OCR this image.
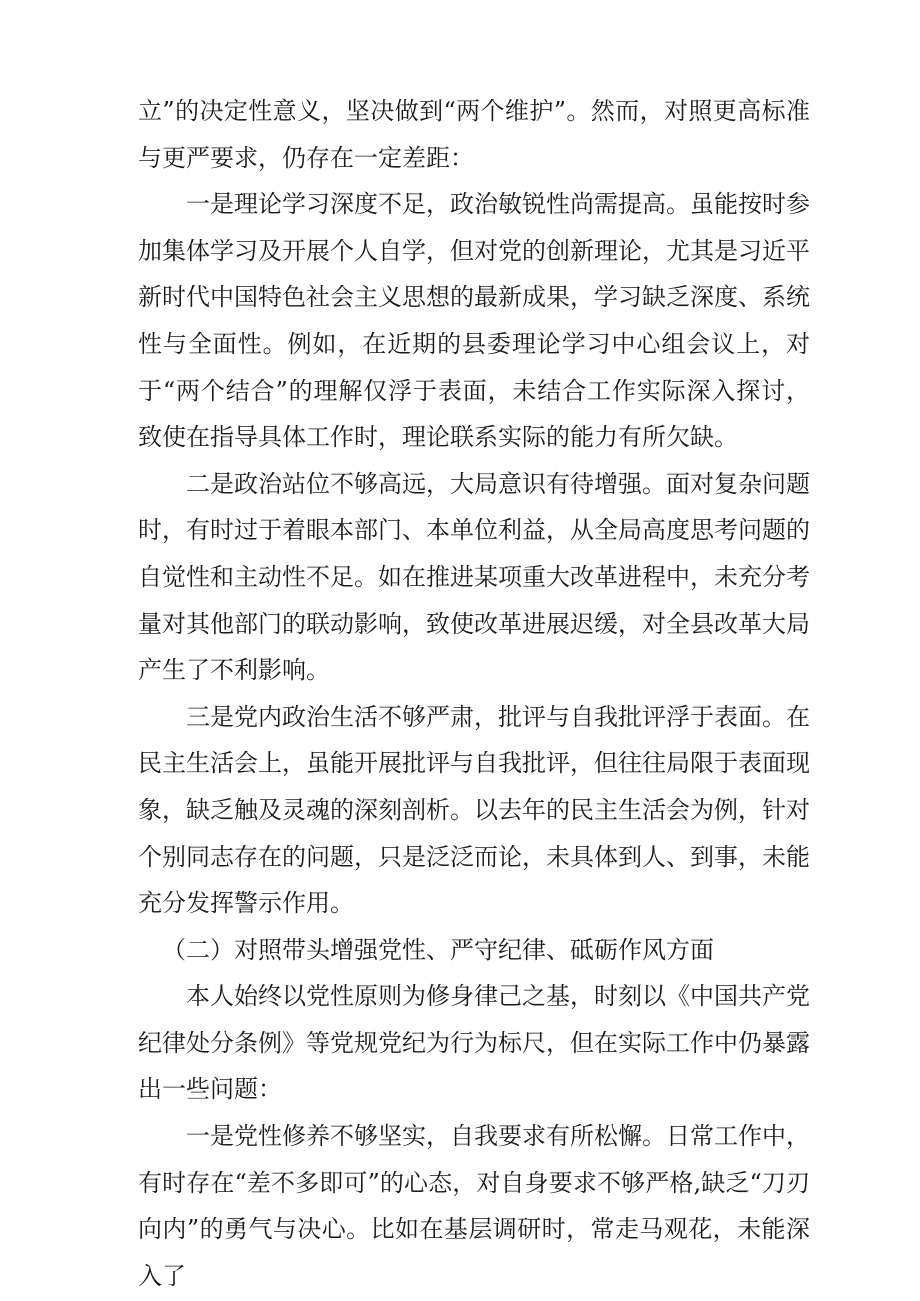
立”的决定性意义，坚决做到“两个维护”。然而，对照更高标准与更严要求，仍存在一定差距：

一是理论学习深度不足，政治敏锐性尚需提高。虽能按时参加集体学习及开展个人自学，但对党的创新理论，尤其是习近平新时代中国特色社会主义思想的最新成果，学习缺乏深度、系统性与全面性。例如，在近期的县委理论学习中心组会议上，对于“两个结合”的理解仅浮于表面，未结合工作实际深入探讨，致使在指导具体工作时，理论联系实际的能力有所欠缺。

二是政治站位不够高远，大局意识有待增强。面对复杂问题时，有时过于着眼本部门、本单位利益，从全局高度思考问题的自觉性和主动性不足。如在推进某项重大改革进程中，未充分考量对其他部门的联动影响，致使改革进展迟缓，对全县改革大局产生了不利影响。

三是党内政治生活不够严肃，批评与自我批评浮于表面。在民主生活会上，虽能开展批评与自我批评，但往往局限于表面现象，缺乏触及灵魂的深刻剖析。以去年的民主生活会为例，针对个别同志存在的问题，只是泛泛而论，未具体到人、到事，未能充分发挥警示作用。

（二）对照带头增强党性、严守纪律、砥砺作风方面

本人始终以党性原则为修身律己之基，时刻以《中国共产党纪律处分条例》等党规党纪为行为标尺，但在实际工作中仍暴露出一些问题：

一是党性修养不够坚实，自我要求有所松懈。日常工作中，有时存在“差不多即可”的心态，对自身要求不够严格,缺乏“刀刃向内”的勇气与决心。比如在基层调研时，常走马观花，未能深入了
